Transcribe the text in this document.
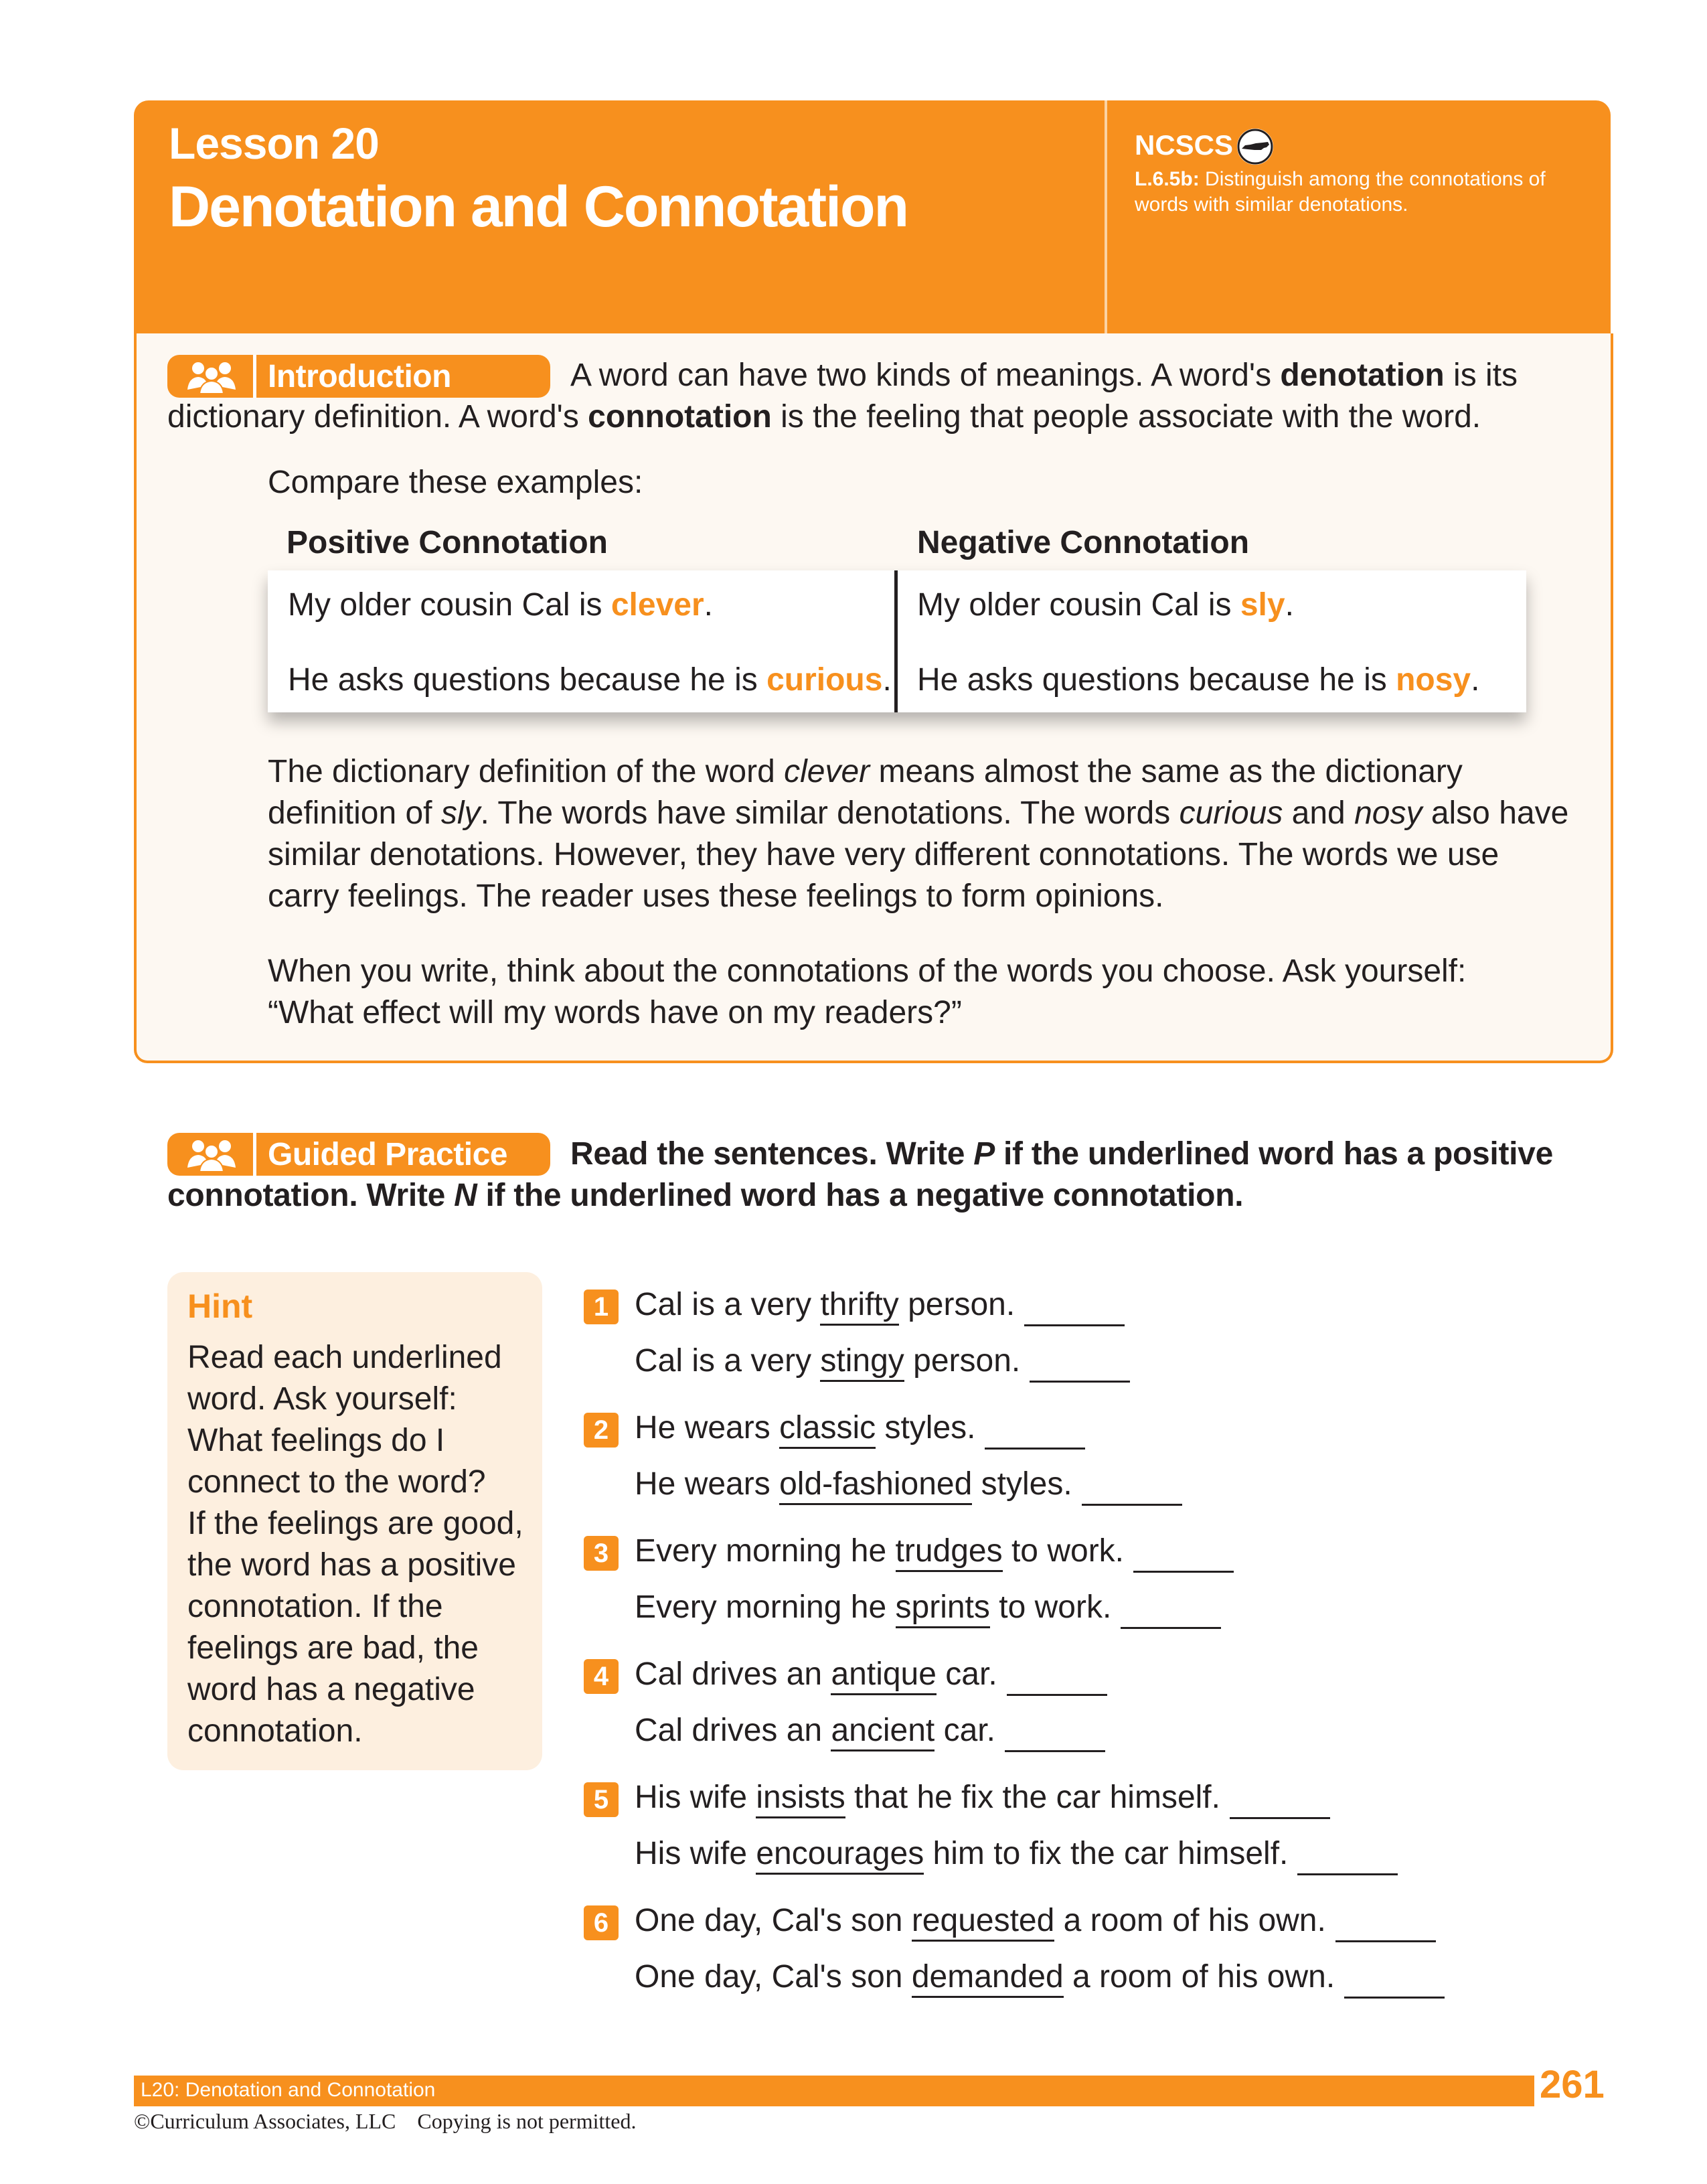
Lesson 20
Denotation and Connotation
NCSCS
L.6.5b: Distinguish among the connotations of words with similar denotations.
Introduction	A word can have two kinds of meanings. A word's denotation is its
dictionary definition. A word's connotation is the feeling that people associate with the word.
Compare these examples:
Positive Connotation	Negative Connotation
My older cousin Cal is clever.	My older cousin Cal is sly.
He asks questions because he is curious. He asks questions because he is nosy.
The dictionary definition of the word clever means almost the same as the dictionary
definition of sly. The words have similar denotations. The words curious and nosy also have
similar denotations. However, they have very different connotations. The words we use
carry feelings. The reader uses these feelings to form opinions.
When you write, think about the connotations of the words you choose. Ask yourself:
“What effect will my words have on my readers?”
Guided Practice Read the sentences. Write P if the underlined word has a positive
connotation. Write N if the underlined word has a negative connotation.
Hint
Read each underlined
word. Ask yourself:
What feelings do I
connect to the word?
If the feelings are good,
the word has a positive
connotation. If the
feelings are bad, the
word has a negative
connotation.
1 Cal is a very thrifty person.
Cal is a very stingy person.
2 He wears classic styles.
He wears old-fashioned styles.
3 Every morning he trudges to work.
Every morning he sprints to work.
4 Cal drives an antique car.
Cal drives an ancient car.
5 His wife insists that he fix the car himself.
His wife encourages him to fix the car himself.
6 One day, Cal's son requested a room of his own.
One day, Cal's son demanded a room of his own.
L20: Denotation and Connotation	261
©Curriculum Associates, LLC    Copying is not permitted.
